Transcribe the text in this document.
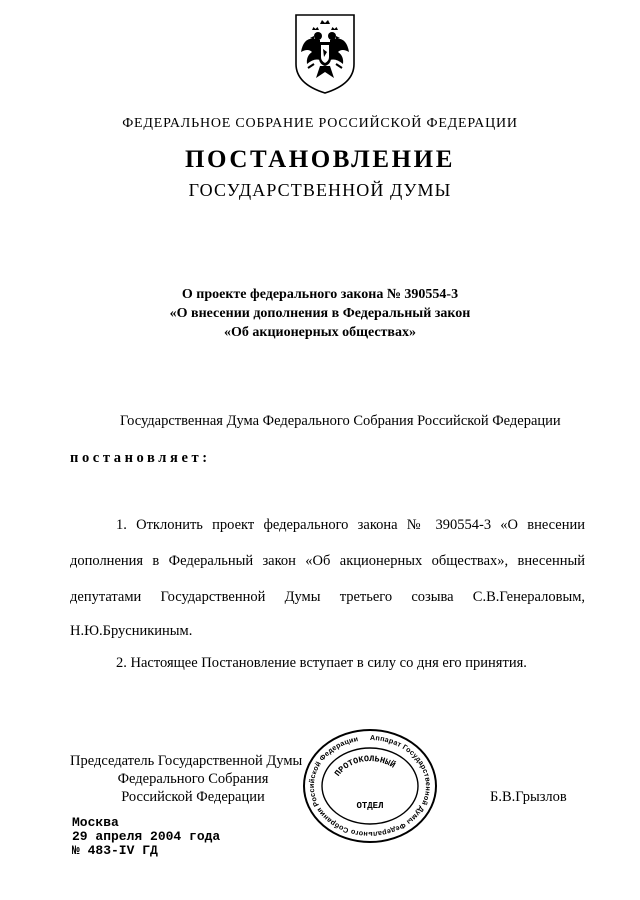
ФЕДЕРАЛЬНОЕ СОБРАНИЕ РОССИЙСКОЙ ФЕДЕРАЦИИ
ПОСТАНОВЛЕНИЕ
ГОСУДАРСТВЕННОЙ ДУМЫ
О проекте федерального закона № 390554-3
«О внесении дополнения в Федеральный закон
«Об акционерных обществах»
Государственная Дума Федерального Собрания Российской Федерации
постановляет:
1. Отклонить проект федерального закона № 390554-3 «О внесении
дополнения в Федеральный закон «Об акционерных обществах», внесенный
депутатами Государственной Думы третьего созыва С.В.Генераловым,
Н.Ю.Брусникиным.
2. Настоящее Постановление вступает в силу со дня его принятия.
Председатель Государственной Думы
Федерального Собрания
Российской Федерации	Б.В.Грызлов
Аппарат Государственной Думы Федерального Собрания Российской Федерации
ПРОТОКОЛЬНЫЙ
ОТДЕЛ
Москва
29 апреля 2004 года
№ 483-IV ГД
